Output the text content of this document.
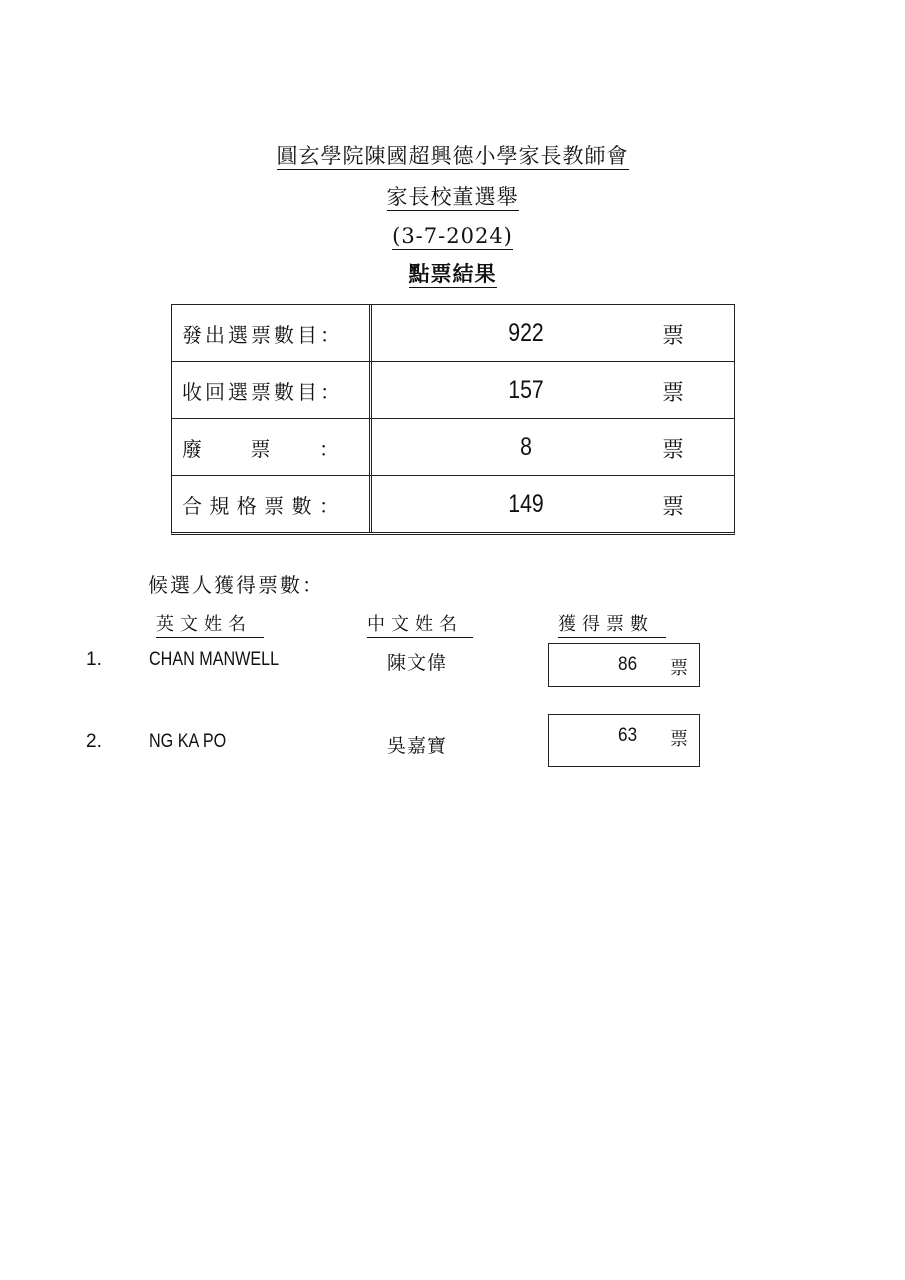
圓玄學院陳國超興德小學家長教師會
家長校董選舉
(3-7-2024)
點票結果
發 出 選 票 數 目 ：	922	票
收 回 選 票 數 目 ：	157	票
廢 票 ：	8	票
合 規 格 票 數 ：	149	票
候選人獲得票數：
英文姓名	中文姓名	獲得票數
1. CHAN MANWELL	陳文偉	86 票
2. NG KA PO	吳嘉寶	63 票
